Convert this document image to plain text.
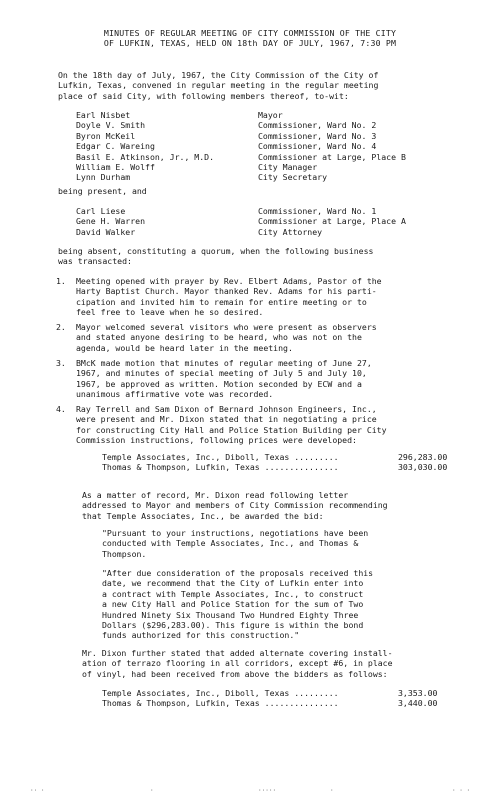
MINUTES OF REGULAR MEETING OF CITY COMMISSION OF THE CITY
OF LUFKIN, TEXAS, HELD ON 18th DAY OF JULY, 1967, 7:30 PM
On the 18th day of July, 1967, the City Commission of the City of
Lufkin, Texas, convened in regular meeting in the regular meeting
place of said City, with following members thereof, to-wit:
Earl Nisbet	Mayor
Doyle V. Smith	Commissioner, Ward No. 2
Byron McKeil	Commissioner, Ward No. 3
Edgar C. Wareing	Commissioner, Ward No. 4
Basil E. Atkinson, Jr., M.D.	Commissioner at Large, Place B
William E. Wolff	City Manager
Lynn Durham	City Secretary
being present, and
Carl Liese	Commissioner, Ward No. 1
Gene H. Warren	Commissioner at Large, Place A
David Walker	City Attorney
being absent, constituting a quorum, when the following business
was transacted:
1. Meeting opened with prayer by Rev. Elbert Adams, Pastor of the
Harty Baptist Church. Mayor thanked Rev. Adams for his parti-
cipation and invited him to remain for entire meeting or to
feel free to leave when he so desired.
2. Mayor welcomed several visitors who were present as observers
and stated anyone desiring to be heard, who was not on the
agenda, would be heard later in the meeting.
3. BMcK made motion that minutes of regular meeting of June 27,
1967, and minutes of special meeting of July 5 and July 10,
1967, be approved as written. Motion seconded by ECW and a
unanimous affirmative vote was recorded.
4. Ray Terrell and Sam Dixon of Bernard Johnson Engineers, Inc.,
were present and Mr. Dixon stated that in negotiating a price
for constructing City Hall and Police Station Building per City
Commission instructions, following prices were developed:
Temple Associates, Inc., Diboll, Texas .........	296,283.00
Thomas & Thompson, Lufkin, Texas ...............	303,030.00
As a matter of record, Mr. Dixon read following letter
addressed to Mayor and members of City Commission recommending
that Temple Associates, Inc., be awarded the bid:
"Pursuant to your instructions, negotiations have been
conducted with Temple Associates, Inc., and Thomas &
Thompson.
"After due consideration of the proposals received this
date, we recommend that the City of Lufkin enter into
a contract with Temple Associates, Inc., to construct
a new City Hall and Police Station for the sum of Two
Hundred Ninety Six Thousand Two Hundred Eighty Three
Dollars ($296,283.00). This figure is within the bond
funds authorized for this construction."
Mr. Dixon further stated that added alternate covering install-
ation of terrazo flooring in all corridors, except #6, in place
of vinyl, had been received from above the bidders as follows:
Temple Associates, Inc., Diboll, Texas .........	3,353.00
Thomas & Thompson, Lufkin, Texas ...............	3,440.00
·· ·	·	·····	·	· · ·
